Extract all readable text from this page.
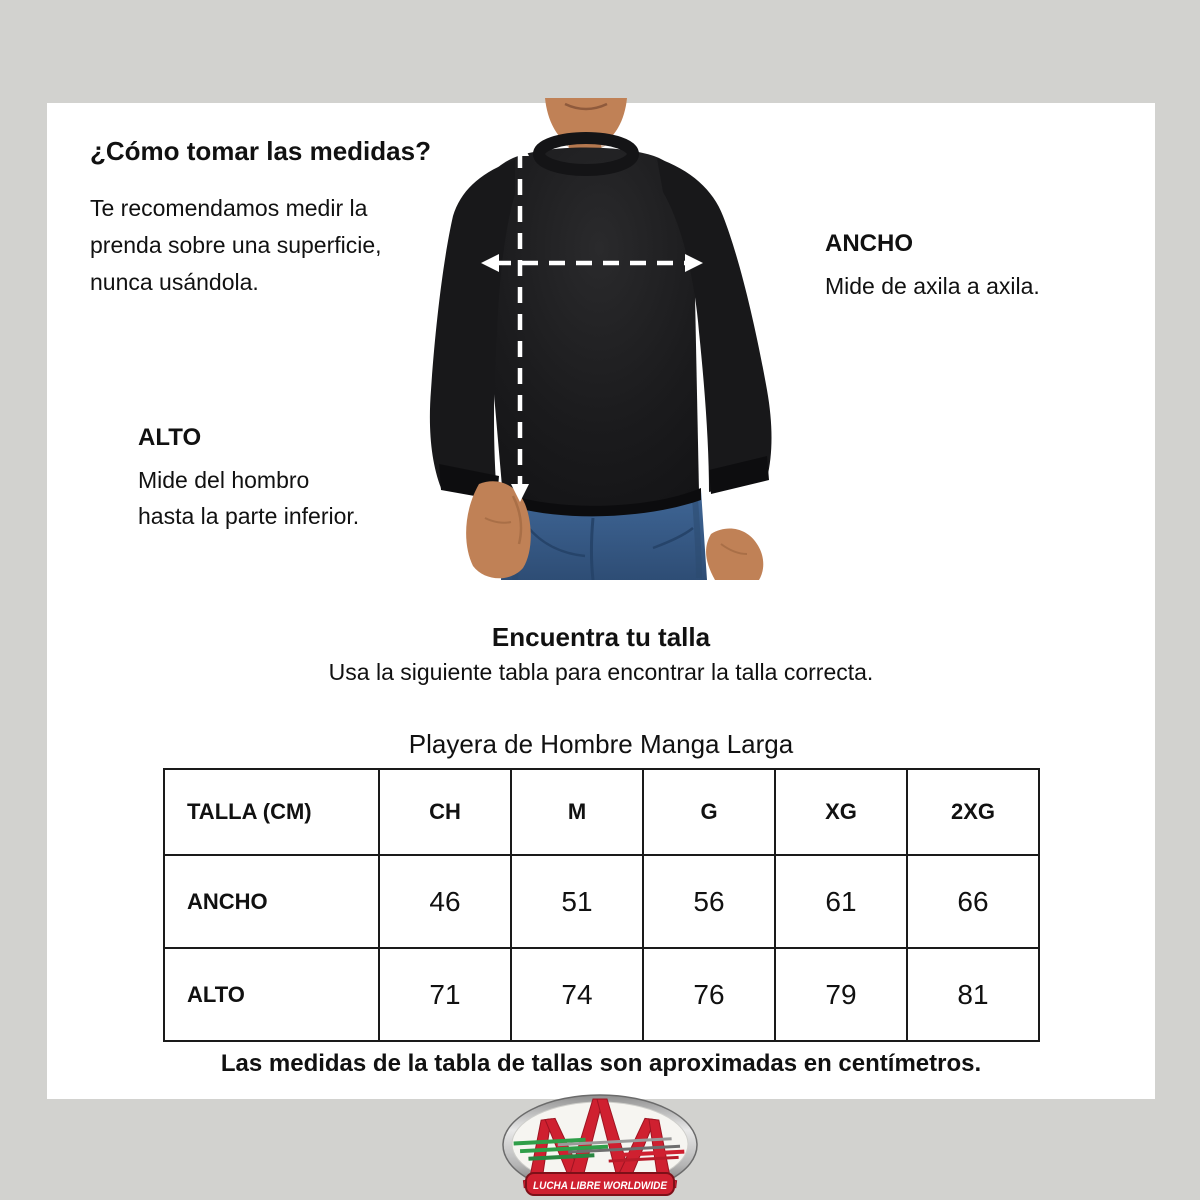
¿Cómo tomar las medidas?
Te recomendamos medir la
prenda sobre una superficie,
nunca usándola.
ANCHO
Mide de axila a axila.
ALTO
Mide del hombro
hasta la parte inferior.
Encuentra tu talla
Usa la siguiente tabla para encontrar la talla correcta.
Playera de Hombre Manga Larga
TALLA (CM)	CH	M	G	XG	2XG
ANCHO	46	51	56	61	66
ALTO	71	74	76	79	81
Las medidas de la tabla de tallas son aproximadas en centímetros.
LUCHA LIBRE WORLDWIDE
